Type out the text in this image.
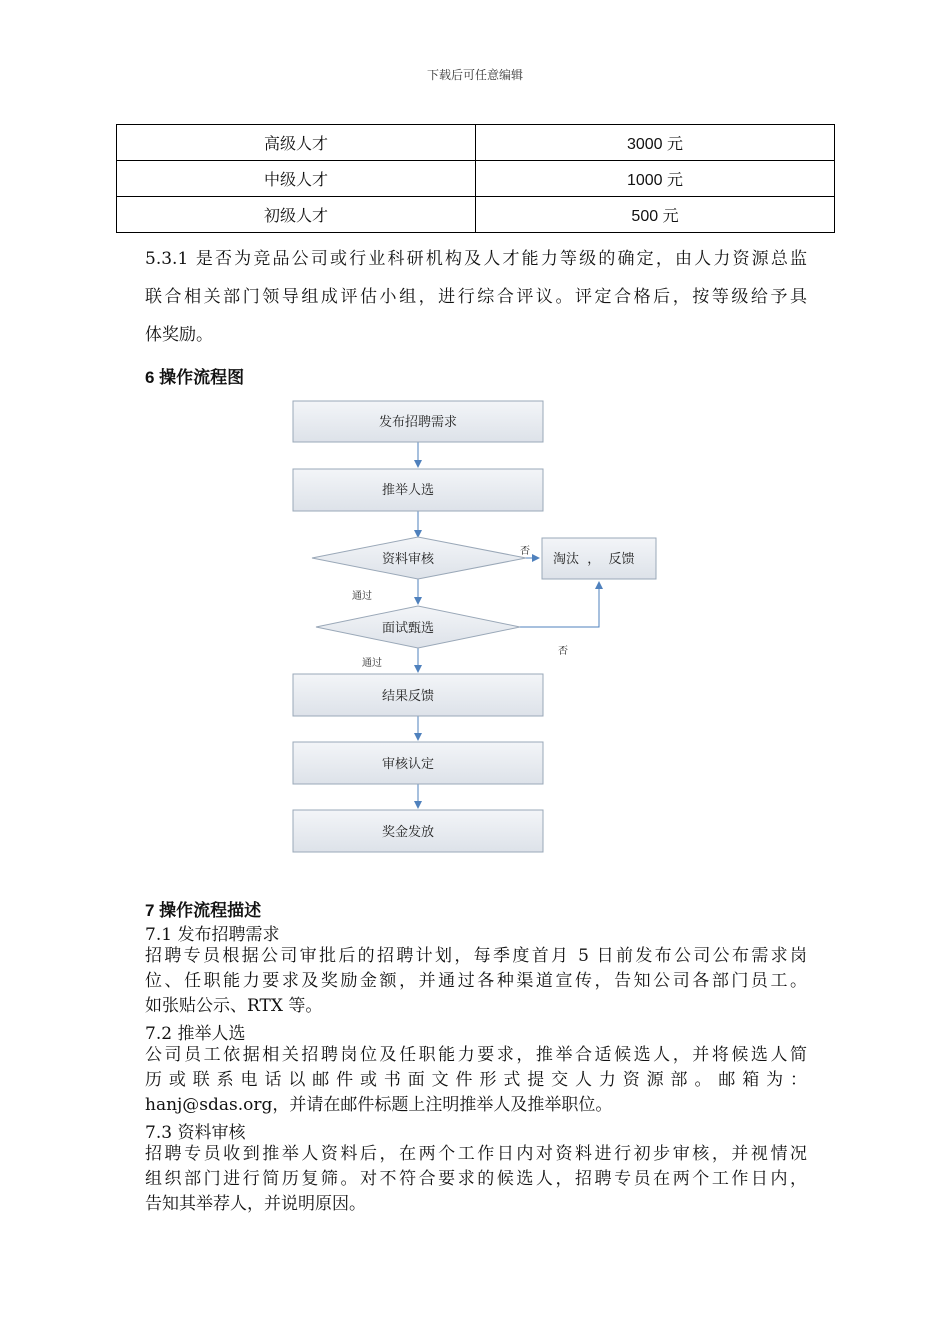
下载后可任意编辑
高级人才	3000 元
中级人才	1000 元
初级人才	500 元
5.3.1 是否为竞品公司或行业科研机构及人才能力等级的确定，由人力资源总监
联合相关部门领导组成评估小组，进行综合评议。评定合格后，按等级给予具
体奖励。
6 操作流程图
发布招聘需求
推举人选
资料审核	淘汰  ，  反馈
面试甄选
结果反馈
审核认定
奖金发放
通过
通过
否
否
7 操作流程描述
7.1 发布招聘需求
招聘专员根据公司审批后的招聘计划，每季度首月 5 日前发布公司公布需求岗
位、任职能力要求及奖励金额，并通过各种渠道宣传，告知公司各部门员工。
如张贴公示、RTX 等。
7.2 推举人选
公司员工依据相关招聘岗位及任职能力要求，推举合适候选人，并将候选人简
历或联系电话以邮件或书面文件形式提交人力资源部。邮箱为：
hanj@sdas.org，并请在邮件标题上注明推举人及推举职位。
7.3 资料审核
招聘专员收到推举人资料后，在两个工作日内对资料进行初步审核，并视情况
组织部门进行简历复筛。对不符合要求的候选人，招聘专员在两个工作日内，
告知其举荐人，并说明原因。
